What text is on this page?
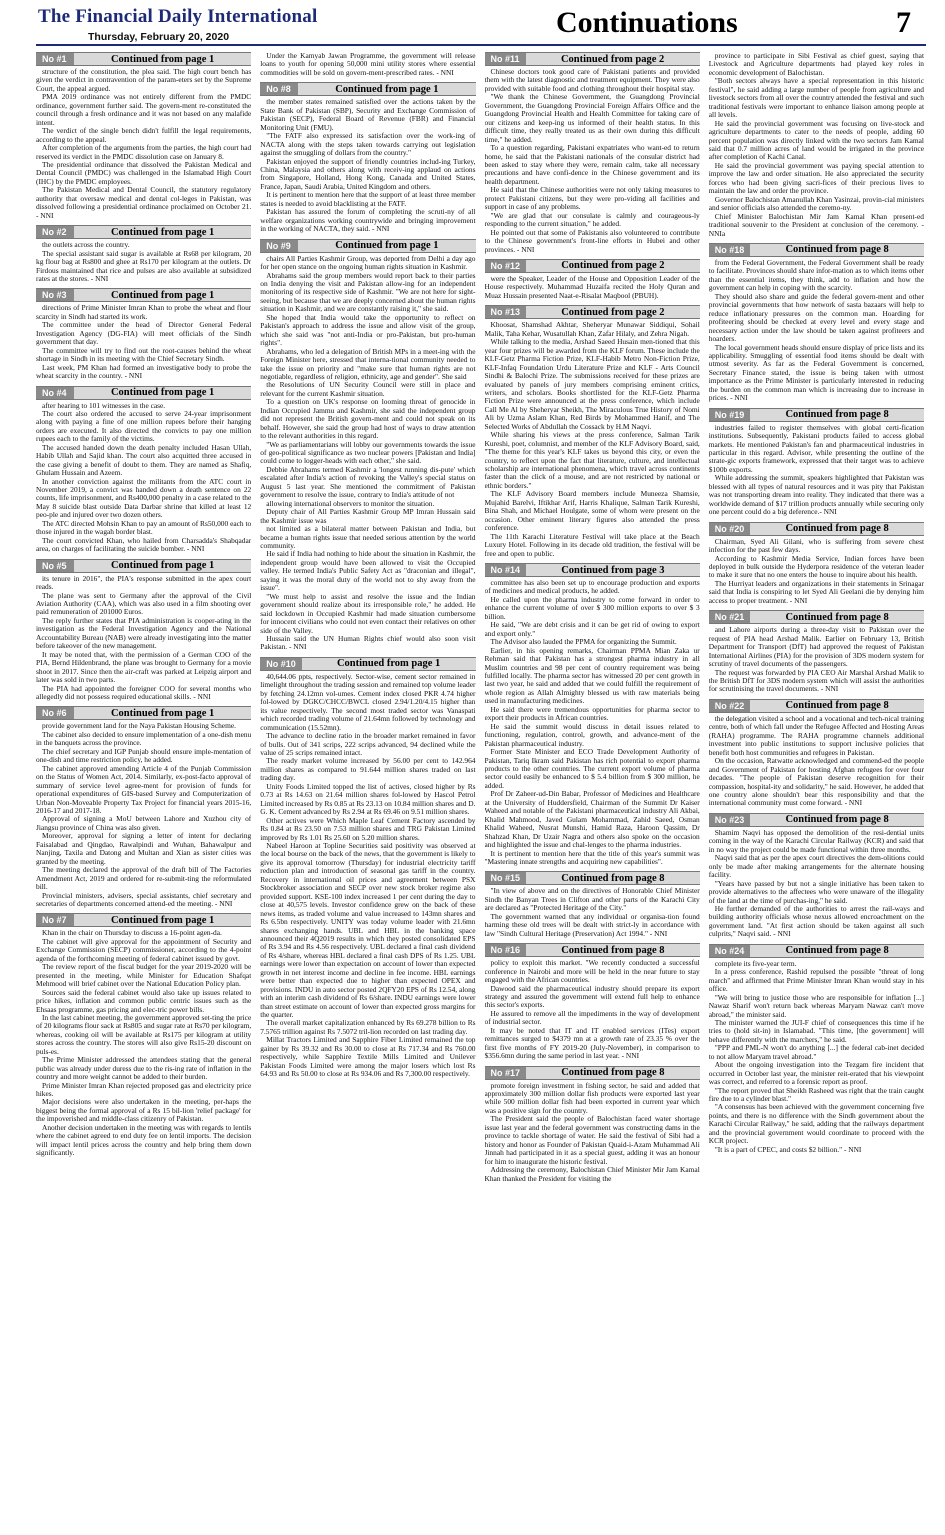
The Financial Daily International
Thursday, February 20, 2020	Continuations	7
No #1	Continued from page 1

structure of the constitution, the plea said. The high court bench has given the verdict in contravention of the param-eters set by the Supreme Court, the appeal argued.

PMA 2019 ordinance was not entirely different from the PMDC ordinance, government further said. The govern-ment re-constituted the council through a fresh ordinance and it was not based on any malafide intent.

The verdict of the single bench didn't fulfill the legal requirements, according to the appeal.

After completion of the arguments from the parties, the high court had reserved its verdict in the PMDC dissolution case on January 8.

The presidential ordinance that dissolved the Pakistan Medical and Dental Council (PMDC) was challenged in the Islamabad High Court (IHC) by the PMDC employees.

The Pakistan Medical and Dental Council, the statutory regulatory authority that oversaw medical and dental col-leges in Pakistan, was dissolved following a presidential ordinance proclaimed on October 21. - NNI

No #2	Continued from page 1

the outlets across the country.

The special assistant said sugar is available at Rs68 per kilogram, 20 kg flour bag at Rs800 and ghee at Rs170 per kilogram at the outlets. Dr Firdous maintained that rice and pulses are also available at subsidized rates at the stores. - NNI

No #3	Continued from page 1

directions of Prime Minister Imran Khan to probe the wheat and flour scarcity in Sindh had started its work.

The committee under the head of Director General Federal Investigation Agency (DG-FIA) will meet officials of the Sindh government that day.

The committee will try to find out the root-causes behind the wheat shortage in Sindh in its meeting with the Chief Secretary Sindh.

Last week, PM Khan had formed an investigative body to probe the wheat scarcity in the country. - NNI

No #4	Continued from page 1

after hearing to 101 witnesses in the case.

The court also ordered the accused to serve 24-year imprisonment along with paying a fine of one million rupees before their hanging orders are executed. It also directed the convicts to pay one million rupees each to the family of the victims.

The accused handed down the death penalty included Hasan Ullah, Habib Ullah and Sajid khan. The court also acquitted three accused in the case giving a benefit of doubt to them. They are named as Shafiq, Ghulam Hussain and Azeem.

In another conviction against the militants from the ATC court in November 2019, a convict was handed down a death sentence on 22 counts, life imprisonment, and Rs400,000 penalty in a case related to the May 8 suicide blast outside Data Darbar shrine that killed at least 12 peo-ple and injured over two dozen others.

The ATC directed Mohsin Khan to pay an amount of Rs50,000 each to those injured in the wagah border blast.

The court convicted Khan, who hailed from Charsadda's Shabqadar area, on charges of facilitating the suicide bomber. - NNI

No #5	Continued from page 1

its tenure in 2016", the PIA's response submitted in the apex court reads.

The plane was sent to Germany after the approval of the Civil Aviation Authority (CAA), which was also used in a film shooting over paid remuneration of 201000 Euros.

The reply further states that PIA administration is cooper-ating in the investigation as the Federal Investigation Agency and the National Accountability Bureau (NAB) were already investigating into the matter before takeover of the new management.

It may be noted that, with the permission of a German COO of the PIA, Bernd Hildenbrand, the plane was brought to Germany for a movie shoot in 2017. Since then the air-craft was parked at Leipzig airport and later was sold in two parts.

The PIA had appointed the foreigner COO for several months who allegedly did not possess required educational skills. - NNI

No #6	Continued from page 1

provide government land for the Naya Pakistan Housing Scheme.

The cabinet also decided to ensure implementation of a one-dish menu in the banquets across the province.

The chief secretary and IGP Punjab should ensure imple-mentation of one-dish and time restriction policy, he added.

The cabinet approved amending Article 4 of the Punjab Commission on the Status of Women Act, 2014. Similarly, ex-post-facto approval of summary of service level agree-ment for provision of funds for operational expenditures of GIS-based Survey and Computerization of Urban Non-Moveable Property Tax Project for financial years 2015-16, 2016-17 and 2017-18.

Approval of signing a MoU between Lahore and Xuzhou city of Jiangsu province of China was also given.

Moreover, approval for signing a letter of intent for declaring Faisalabad and Qingdao, Rawalpindi and Wuhan, Bahawalpur and Nanjing, Taxila and Datong and Multan and Xian as sister cities was granted by the meeting.

The meeting declared the approval of the draft bill of The Factories Amendment Act, 2019 and ordered for re-submit-ting the reformulated bill.

Provincial ministers, advisers, special assistants, chief secretary and secretaries of departments concerned attend-ed the meeting. - NNI

No #7	Continued from page 1

Khan in the chair on Thursday to discuss a 16-point agen-da.

The cabinet will give approval for the appointment of Security and Exchange Commission (SECP) commissioner, according to the 4-point agenda of the forthcoming meeting of federal cabinet issued by govt.

The review report of the fiscal budget for the year 2019-2020 will be presented in the meeting, while Minister for Education Shafqat Mehmood will brief cabinet over the National Education Policy plan.

Sources said the federal cabinet would also take up issues related to price hikes, inflation and common public centric issues such as the Ehsaas programme, gas pricing and elec-tric power bills.

In the last cabinet meeting, the government approved set-ting the price of 20 kilograms flour sack at Rs805 and sugar rate at Rs70 per kilogram, whereas, cooking oil will be available at Rs175 per kilogram at utility stores across the country. The stores will also give Rs15-20 discount on puls-es.

The Prime Minister addressed the attendees stating that the general public was already under duress due to the ris-ing rate of inflation in the country and more weight cannot be added to their burden.

Prime Minister Imran Khan rejected proposed gas and electricity price hikes.

Major decisions were also undertaken in the meeting, per-haps the biggest being the formal approval of a Rs 15 bil-lion 'relief package' for the impoverished and middle-class citizenry of Pakistan.

Another decision undertaken in the meeting was with regards to lentils where the cabinet agreed to end duty fee on lentil imports. The decision will impact lentil prices across the country and help bring them down significantly.

Under the Kamyab Jawan Programme, the government will release loans to youth for opening 50,000 mini utility stores where essential commodities will be sold on govern-ment-prescribed rates. - NNI

No #8	Continued from page 1

the member states remained satisfied over the actions taken by the State Bank of Pakistan (SBP), Security and Exchange Commission of Pakistan (SECP), Federal Board of Revenue (FBR) and Financial Monitoring Unit (FMU).

"The FATF also expressed its satisfaction over the work-ing of NACTA along with the steps taken towards carrying out legislation against the smuggling of dollars from the country."

Pakistan enjoyed the support of friendly countries includ-ing Turkey, China, Malaysia and others along with receiv-ing applaud on actions from Singapore, Holland, Hong Kong, Canada and United States, France, Japan, Saudi Arabia, United Kingdom and others.

It is pertinent to mention here that the support of at least three member states is needed to avoid blacklisting at the FATF.

Pakistan has assured the forum of completing the scruti-ny of all welfare organizations working countrywide and bringing improvement in the working of NACTA, they said. - NNI

No #9	Continued from page 1

chairs All Parties Kashmir Group, was deported from Delhi a day ago for her open stance on the ongoing human rights situation in Kashmir.

Abrahams said the group members would report back to their parties on India denying the visit and Pakistan allow-ing for an independent monitoring of its respective side of Kashmir. "We are not here for sight-seeing, but because that we are deeply concerned about the human rights situation in Kashmir, and we are constantly raising it," she said.

She hoped that India would take the opportunity to reflect on Pakistan's approach to address the issue and allow visit of the group, which she said was "not anti-India or pro-Pakistan, but pro-human rights".

Abrahams, who led a delegation of British MPs in a meet-ing with the Foreign Minister here, stressed that interna-tional community needed to take the issue on priority and "make sure that human rights are not negotiable, regardless of religion, ethnicity, age and gender". She said

the Resolutions of UN Security Council were still in place and relevant for the current Kashmir situation.

To a question on UK's response on looming threat of genocide in Indian Occupied Jammu and Kashmir, she said the independent group did not represent the British govern-ment and could not speak on its behalf. However, she said the group had host of ways to draw attention to the relevant authorities in this regard.

"We as parliamentarians will lobby our governments towards the issue of geo-political significance as two nuclear powers [Pakistan and India] could come to logger-heads with each other," she said.

Debbie Abrahams termed Kashmir a 'longest running dis-pute' which escalated after India's action of revoking the Valley's special status on August 5 last year. She mentioned the commitment of Pakistan government to resolve the issue, contrary to India's attitude of not

allowing international observers to monitor the situation.

Deputy chair of All Parties Kashmir Group MP Imran Hussain said the Kashmir issue was

not limited as a bilateral matter between Pakistan and India, but became a human rights issue that needed serious attention by the world community.

He said if India had nothing to hide about the situation in Kashmir, the independent group would have been allowed to visit the Occupied valley. He termed India's Public Safety Act as "draconian and illegal", saying it was the moral duty of the world not to shy away from the issue".

"We must help to assist and resolve the issue and the Indian government should realize about its irresponsible role," he added. He said lockdown in Occupied Kashmir had made situation cumbersome for innocent civilians who could not even contact their relatives on other side of the Valley.

Hussain said the UN Human Rights chief would also soon visit Pakistan. - NNI

No #10	Continued from page 1

40,644.06 ppts, respectively. Sector-wise, cement sector remained in limelight throughout the trading session and remained top volume leader by fetching 24.12mn vol-umes. Cement index closed PKR 4.74 higher fol-lowed by DGKC/CHCC/BWCL closed 2.94/1.20/4.15 higher than its value respectively. The second most traded sector was Vanaspati which recorded trading volume of 21.64mn followed by technology and communication (15.52mn).

The advance to decline ratio in the broader market remained in favor of bulls. Out of 341 scrips, 222 scrips advanced, 94 declined while the value of 25 scrips remained intact.

The ready market volume increased by 56.00 per cent to 142.964 million shares as compared to 91.644 million shares traded on last trading day.

Unity Foods Limited topped the list of actives, closed higher by Rs 0.73 at Rs 14.63 on 21.64 million shares fol-lowed by Hascol Petrol Limited increased by Rs 0.85 at Rs 23.13 on 10.84 million shares and D. G. K. Cement advanced by Rs 2.94 at Rs 69.46 on 9.51 million shares.

Other actives were Which Maple Leaf Cement Factory ascended by Rs 0.84 at Rs 23.50 on 7.53 million shares and TRG Pakistan Limited improved by Rs 1.01 Rs 25.60 on 5.20 million shares.

Nabeel Haroon at Topline Securities said positivity was observed at the local bourse on the back of the news, that the government is likely to give its approval tomorrow (Thursday) for industrial electricity tariff reduction plan and introduction of seasonal gas tariff in the country. Recovery in international oil prices and agreement between PSX Stockbroker association and SECP over new stock broker regime also provided support. KSE-100 index increased 1 per cent during the day to close at 40,575 levels. Investor confidence grew on the back of these news items, as traded volume and value increased to 143mn shares and Rs 6.5bn respectively. UNITY was today volume leader with 21.6mn shares exchanging hands. UBL and HBL in the banking space announced their 4Q2019 results in which they posted consolidated EPS of Rs 3.94 and Rs 4.56 respectively. UBL declared a final cash dividend of Rs 4/share, whereas HBL declared a final cash DPS of Rs 1.25. UBL earnings were lower than expectation on account of lower than expected growth in net interest income and decline in fee income. HBL earnings were better than expected due to higher than expected OPEX and provisions. INDU in auto sector posted 2QFY20 EPS of Rs 12.54, along with an interim cash dividend of Rs 6/share. INDU earnings were lower than street estimate on account of lower than expected gross margins for the quarter.

The overall market capitalization enhanced by Rs 69.278 billion to Rs 7.5765 trillion against Rs 7.5072 tril-lion recorded on last trading day.

Millat Tractors Limited and Sapphire Fiber Limited remained the top gainer by Rs 39.32 and Rs 30.00 to close at Rs 717.34 and Rs 760.00 respectively, while Sapphire Textile Mills Limited and Unilever Pakistan Foods Limited were among the major losers which lost Rs 64.93 and Rs 50.00 to close at Rs 934.06 and Rs 7,300.00 respectively.

No #11	Continued from page 2

Chinese doctors took good care of Pakistani patients and provided them with the latest diagnostic and treatment equipment. They were also provided with suitable food and clothing throughout their hospital stay.

"We thank the Chinese Government, the Guangdong Provincial Government, the Guangdong Provincial Foreign Affairs Office and the Guangdong Provincial Health and Health Committee for taking care of our citizens and keep-ing us informed of their health status. In this difficult time, they really treated us as their own during this difficult time," he added.

To a question regarding, Pakistani expatriates who want-ed to return home, he said that the Pakistani nationals of the consular district had been asked to stay where they were, remain calm, take all necessary precautions and have confi-dence in the Chinese government and its health department.

He said that the Chinese authorities were not only taking measures to protect Pakistani citizens, but they were pro-viding all facilities and support in case of any problems.

"We are glad that our consulate is calmly and courageous-ly responding to the current situation," he added.

He pointed out that some of Pakistanis also volunteered to contribute to the Chinese government's front-line efforts in Hubei and other provinces. - NNI

No #12	Continued from page 2

were the Speaker, Leader of the House and Opposition Leader of the House respectively. Muhammad Huzaifa recited the Holy Quran and Muaz Hussain presented Naat-e-Risalat Maqbool (PBUH).

No #13	Continued from page 2

Khoosat, Shamshad Akhtar, Sheheryar Munawar Siddiqui, Sohail Malik, Taha Kehar, Wusatullah Khan, Zafar Hilaly, and Zehra Nigah.

While talking to the media, Arshad Saeed Husain men-tioned that this year four prizes will be awarded from the KLF forum. These include the KLF-Getz Pharma Fiction Prize, KLF-Habib Metro Non-Fiction Prize, KLF-Infaq Foundation Urdu Literature Prize and KLF - Arts Council Sindhi & Balochi Prize. The submissions received for these prizes are evaluated by panels of jury members comprising eminent critics, writers, and scholars. Books shortlisted for the KLF-Getz Pharma Fiction Prize were announced at the press conference, which include Call Me Al by Sheheryar Sheikh, The Miraculous True History of Nomi Ali by Uzma Aslam Khan, Red Birds by Mohammed Hanif, and The Selected Works of Abdullah the Cossack by H.M Naqvi.

While sharing his views at the press conference, Salman Tarik Kureshi, poet, columnist, and member of the KLF Advisory Board, said, "The theme for this year's KLF takes us beyond this city, or even the country, to reflect upon the fact that literature, culture, and intellectual scholarship are international phenomena, which travel across continents faster than the click of a mouse, and are not restricted by national or ethnic borders."

The KLF Advisory Board members include Muneeza Shamsie, Mujahid Barelvi, Iftikhar Arif, Harris Khalique, Salman Tarik Kureshi, Bina Shah, and Michael Houlgate, some of whom were present on the occasion. Other eminent literary figures also attended the press conference.

The 11th Karachi Literature Festival will take place at the Beach Luxury Hotel. Following in its decade old tradition, the festival will be free and open to public.

No #14	Continued from page 3

committee has also been set up to encourage production and exports of medicines and medical products, he added.

He called upon the pharma industry to come forward in order to enhance the current volume of over $ 300 million exports to over $ 3 billion.

He said, "We are debt crisis and it can be get rid of owing to export and export only."

The Advisor also lauded the PPMA for organizing the Summit.

Earlier, in his opening remarks, Chairman PPMA Mian Zaka ur Rehman said that Pakistan has a strongest pharma industry in all Muslim countries and 98 per cent of country requirement was being fulfilled locally. The pharma sector has witnessed 20 per cent growth in last two year, he said and added that we could fulfill the requirement of whole region as Allah Almighty blessed us with raw materials being used in manufacturing medicines.

He said there were tremendous opportunities for pharma sector to export their products in African countries.

He said the summit would discuss in detail issues related to functioning, regulation, control, growth, and advance-ment of the Pakistan pharmaceutical industry.

Former State Minister and ECO Trade Development Authority of Pakistan, Tariq Ikram said Pakistan has rich potential to export pharma products to the other countries. The current export volume of pharma sector could easily be enhanced to $ 5.4 billion from $ 300 million, he added.

Prof Dr Zaheer-ud-Din Babar, Professor of Medicines and Healthcare at the University of Huddersfield, Chairman of the Summit Dr Kaiser Waheed and notable of the Pakistani pharmaceutical industry Ali Akbai, Khalid Mahmood, Javed Gulam Mohammad, Zahid Saeed, Osman Khalid Waheed, Nusrat Munshi, Hamid Raza, Haroon Qassim, Dr Shahzad Khan, Dr Uzair Nagra and others also spoke on the occasion and highlighted the issue and chal-lenges to the pharma industries.

It is pertinent to mention here that the title of this year's summit was "Mastering innate strengths and acquiring new capabilities".

No #15	Continued from page 8

"In view of above and on the directives of Honorable Chief Minister Sindh the Banyan Trees in Clifton and other parts of the Karachi City are declared as "Protected Heritage of the City."

The government warned that any individual or organisa-tion found harming these old trees will be dealt with strict-ly in accordance with law "Sindh Cultural Heritage (Preservation) Act 1994." - NNI

No #16	Continued from page 8

policy to exploit this market. "We recently conducted a successful conference in Nairobi and more will be held in the near future to stay engaged with the African countries.

Dawood said the pharmaceutical industry should prepare its export strategy and assured the government will extend full help to enhance this sector's exports.

He assured to remove all the impediments in the way of development of industrial sector.

It may be noted that IT and IT enabled services (ITes) export remittances surged to $4379 mn at a growth rate of 23.35 % over the first five months of FY 2019-20 (July-November), in comparison to $356.6mn during the same period in last year. - NNI

No #17	Continued from page 8

promote foreign investment in fishing sector, he said and added that approximately 300 million dollar fish products were exported last year while 500 million dollar fish had been exported in current year which was a positive sign for the country.

The President said the people of Balochistan faced water shortage issue last year and the federal government was constructing dams in the province to tackle shortage of water. He said the festival of Sibi had a history and honor as Founder of Pakistan Quaid-i-Azam Muhammad Ali Jinnah had participated in it as a special guest, adding it was an honour for him to inaugurate the historic festival.

Addressing the ceremony, Balochistan Chief Minister Mir Jam Kamal Khan thanked the President for visiting the

province to participate in Sibi Festival as chief guest, saying that Livestock and Agriculture departments had played key roles in economic development of Balochistan.

"Both sectors always have a special representation in this historic festival", he said adding a large number of people from agriculture and livestock sectors from all over the country attended the festival and such traditional festivals were important to enhance liaison among people at all levels.

He said the provincial government was focusing on live-stock and agriculture departments to cater to the needs of people, adding 60 percent population was directly linked with the two sectors Jam Kamal said that 0.7 million acres of land would be irrigated in the province after completion of Kachi Canal.

He said the provincial government was paying special attention to improve the law and order situation. He also appreciated the security forces who had been giving sacri-fices of their precious lives to maintain the law and order the province.

Governor Balochistan Amanullah Khan Yasinzai, provin-cial ministers and senior officials also attended the ceremo-ny.

Chief Minister Balochistan Mir Jam Kamal Khan present-ed traditional souvenir to the President at conclusion of the ceremony. - NNIa

No #18	Continued from page 8

from the Federal Government, the Federal Government shall be ready to facilitate. Provinces should share infor-mation as to which items other than the essential items, they think, add to inflation and how the government can help in coping with the scarcity.

They should also share and guide the federal govern-ment and other provincial governments that how network of sasta bazaars will help to reduce inflationary pressures on the common man. Hoarding for profiteering should be checked at every level and every stage and necessary action under the law should be taken against profiteers and hoarders.

The local government heads should ensure display of price lists and its applicability. Smuggling of essential food items should be dealt with utmost severity. As far as the Federal Government is concerned, Secretary Finance stated, the issue is being taken with utmost importance as the Prime Minister is particularly interested in reducing the burden on the common man which is increasing due to increase in prices. - NNI

No #19	Continued from page 8

industries failed to register themselves with global certi-fication institutions. Subsequently, Pakistani products failed to access global markets. He mentioned Pakistan's fan and pharmaceutical industries in particular in this regard. Advisor, while presenting the outline of the strate-gic exports framework, expressed that their target was to achieve $100b exports.

While addressing the summit, speakers highlighted that Pakistan was blessed with all types of natural resources and it was pity that Pakistan was not transporting dream into reality. They indicated that there was a worldwide demand of $17 trillion products annually while securing only one percent could do a big deference.- NNI

No #20	Continued from page 8

Chairman, Syed Ali Gilani, who is suffering from severe chest infection for the past few days.

According to Kashmir Media Service, Indian forces have been deployed in bulk outside the Hyderpora residence of the veteran leader to make it sure that no one enters the house to inquire about his health.

The Hurriyat leaders and organizations in their statements in Srinagar said that India is conspiring to let Syed Ali Geelani die by denying him access to proper treatment. - NNI

No #21	Continued from page 8

and Lahore airports during a three-day visit to Pakistan over the request of PIA head Arshad Malik. Earlier on February 13, British Department for Transport (DfT) had approved the request of Pakistan International Airlines (PIA) for the provision of 3DS modern system for scrutiny of travel documents of the passengers.

The request was forwarded by PIA CEO Air Marshal Arshad Malik to the British DfT for 3DS modern system which will assist the authorities for scrutinising the travel documents. - NNI

No #22	Continued from page 8

the delegation visited a school and a vocational and tech-nical training centre, both of which fall under the Refugee Affected and Hosting Areas (RAHA) programme. The RAHA programme channels additional investment into public institutions to support inclusive policies that benefit both host communities and refugees in Pakistan.

On the occasion, Ratwatte acknowledged and commend-ed the people and Government of Pakistan for hosting Afghan refugees for over four decades. "The people of Pakistan deserve recognition for their compassion, hospital-ity and solidarity," he said. However, he added that one country alone shouldn't bear this responsibility and that the international community must come forward. - NNI

No #23	Continued from page 8

Shamim Naqvi has opposed the demolition of the resi-dential units coming in the way of the Karachi Circular Railway (KCR) and said that in no way the project could be made functional within three months.

Naqvi said that as per the apex court directives the dem-olitions could only be made after making arrangements for the alternate housing facility.

"Years have passed by but not a single initiative has been taken to provide alternatives to the affectees who were unaware of the illegality of the land at the time of purchas-ing," he said.

He further demanded of the authorities to arrest the rail-ways and building authority officials whose nexus allowed encroachment on the government land. "At first action should be taken against all such culprits," Naqvi said. - NNI

No #24	Continued from page 8

complete its five-year term.

In a press conference, Rashid repulsed the possible "threat of long march" and affirmed that Prime Minister Imran Khan would stay in his office.

"We will bring to justice those who are responsible for inflation [...] Nawaz Sharif won't return back whereas Maryam Nawaz can't move abroad," the minister said.

The minister warned the JUI-F chief of consequences this time if he tries to (hold sit-in) in Islamabad. "This time, [the government] will behave differently with the marchers," he said.

"PPP and PML-N won't do anything [...] the federal cab-inet decided to not allow Maryam travel abroad."

About the ongoing investigation into the Tezgam fire incident that occurred in October last year, the minister reit-erated that his viewpoint was correct, and referred to a forensic report as proof.

"The report proved that Sheikh Rasheed was right that the train caught fire due to a cylinder blast."

"A consensus has been achieved with the government concerning five points, and there is no difference with the Sindh government about the Karachi Circular Railway," he said, adding that the railways department and the provincial government would coordinate to proceed with the KCR project.

"It is a part of CPEC, and costs $2 billion." - NNI
